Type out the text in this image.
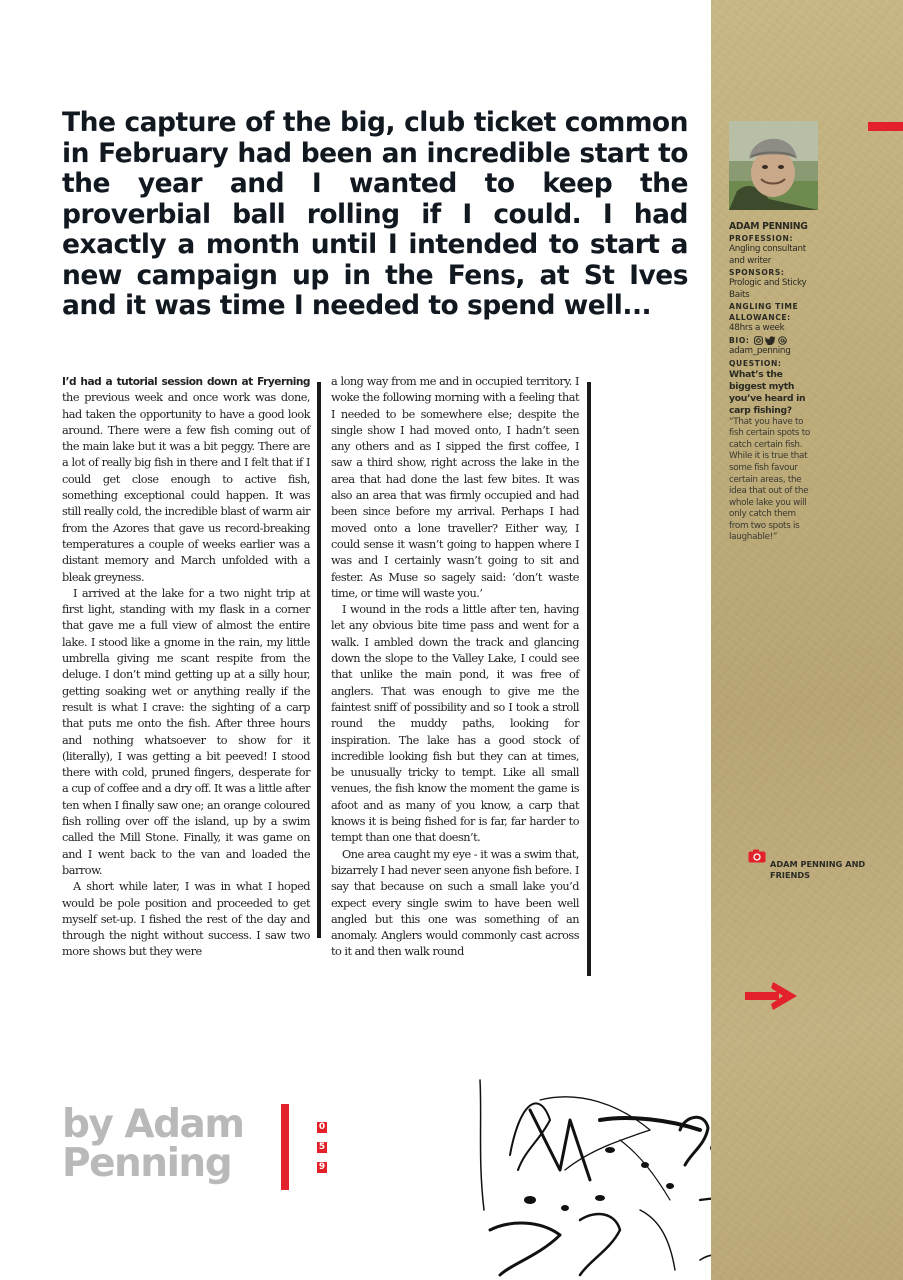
The capture of the big, club ticket common in February had been an incredible start to the year and I wanted to keep the proverbial ball rolling if I could. I had exactly a month until I intended to start a new campaign up in the Fens, at St Ives and it was time I needed to spend well...

I’d had a tutorial session down at Fryerning the previous week and once work was done, had taken the opportunity to have a good look around. There were a few fish coming out of the main lake but it was a bit peggy. There are a lot of really big fish in there and I felt that if I could get close enough to active fish, something exceptional could happen. It was still really cold, the incredible blast of warm air from the Azores that gave us record-breaking temperatures a couple of weeks earlier was a distant memory and March unfolded with a bleak greyness.

I arrived at the lake for a two night trip at first light, standing with my flask in a corner that gave me a full view of almost the entire lake. I stood like a gnome in the rain, my little umbrella giving me scant respite from the deluge. I don’t mind getting up at a silly hour, getting soaking wet or anything really if the result is what I crave: the sighting of a carp that puts me onto the fish. After three hours and nothing whatsoever to show for it (literally), I was getting a bit peeved! I stood there with cold, pruned fingers, desperate for a cup of coffee and a dry off. It was a little after ten when I finally saw one; an orange coloured fish rolling over off the island, up by a swim called the Mill Stone. Finally, it was game on and I went back to the van and loaded the barrow.

A short while later, I was in what I hoped would be pole position and proceeded to get myself set-up. I fished the rest of the day and through the night without success. I saw two more shows but they were

a long way from me and in occupied territory. I woke the following morning with a feeling that I needed to be somewhere else; despite the single show I had moved onto, I hadn’t seen any others and as I sipped the first coffee, I saw a third show, right across the lake in the area that had done the last few bites. It was also an area that was firmly occupied and had been since before my arrival. Perhaps I had moved onto a lone traveller? Either way, I could sense it wasn’t going to happen where I was and I certainly wasn’t going to sit and fester. As Muse so sagely said: ‘don’t waste time, or time will waste you.’

I wound in the rods a little after ten, having let any obvious bite time pass and went for a walk. I ambled down the track and glancing down the slope to the Valley Lake, I could see that unlike the main pond, it was free of anglers. That was enough to give me the faintest sniff of possibility and so I took a stroll round the muddy paths, looking for inspiration. The lake has a good stock of incredible looking fish but they can at times, be unusually tricky to tempt. Like all small venues, the fish know the moment the game is afoot and as many of you know, a carp that knows it is being fished for is far, far harder to tempt than one that doesn’t.

One area caught my eye - it was a swim that, bizarrely I had never seen anyone fish before. I say that because on such a small lake you’d expect every single swim to have been well angled but this one was something of an anomaly. Anglers would commonly cast across to it and then walk round

by Adam
Penning
0
5
9
ADAM PENNING
PROFESSION:
Angling consultant and writer
SPONSORS:
Prologic and Sticky Baits
ANGLING TIME ALLOWANCE:
48hrs a week
BIO:
adam_penning
QUESTION: What’s the biggest myth you’ve heard in carp fishing?
“That you have to fish certain spots to catch certain fish. While it is true that some fish favour certain areas, the idea that out of the whole lake you will only catch them from two spots is laughable!”
ADAM PENNING AND FRIENDS
